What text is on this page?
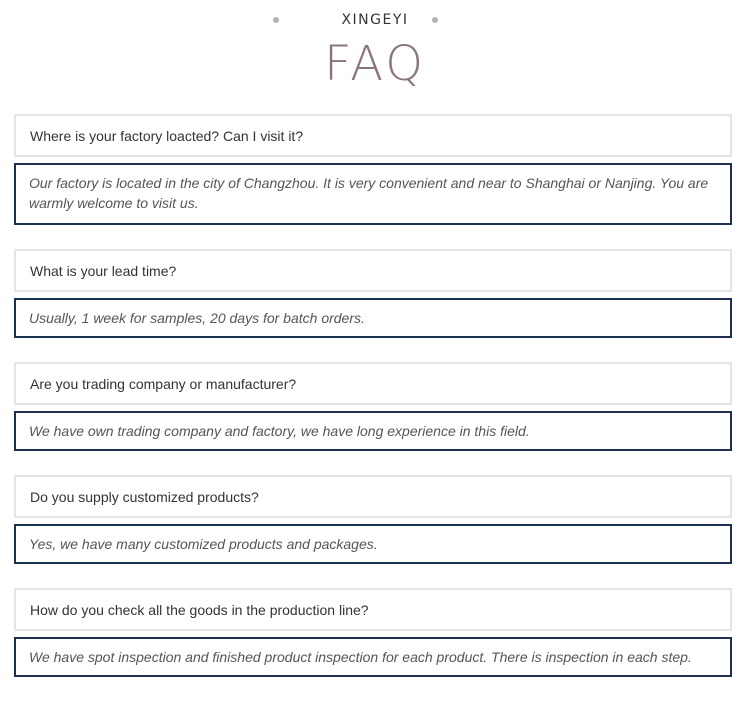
XINGEYI
FAQ
Where is your factory loacted? Can I visit it?
Our factory is located in the city of Changzhou. It is very convenient and near to Shanghai or Nanjing. You are warmly welcome to visit us.
What is your lead time?
Usually, 1 week for samples, 20 days for batch orders.
Are you trading company or manufacturer?
We have own trading company and factory, we have long experience in this field.
Do you supply customized products?
Yes, we have many customized products and packages.
How do you check all the goods in the production line?
We have spot inspection and finished product inspection for each product. There is inspection in each step.
